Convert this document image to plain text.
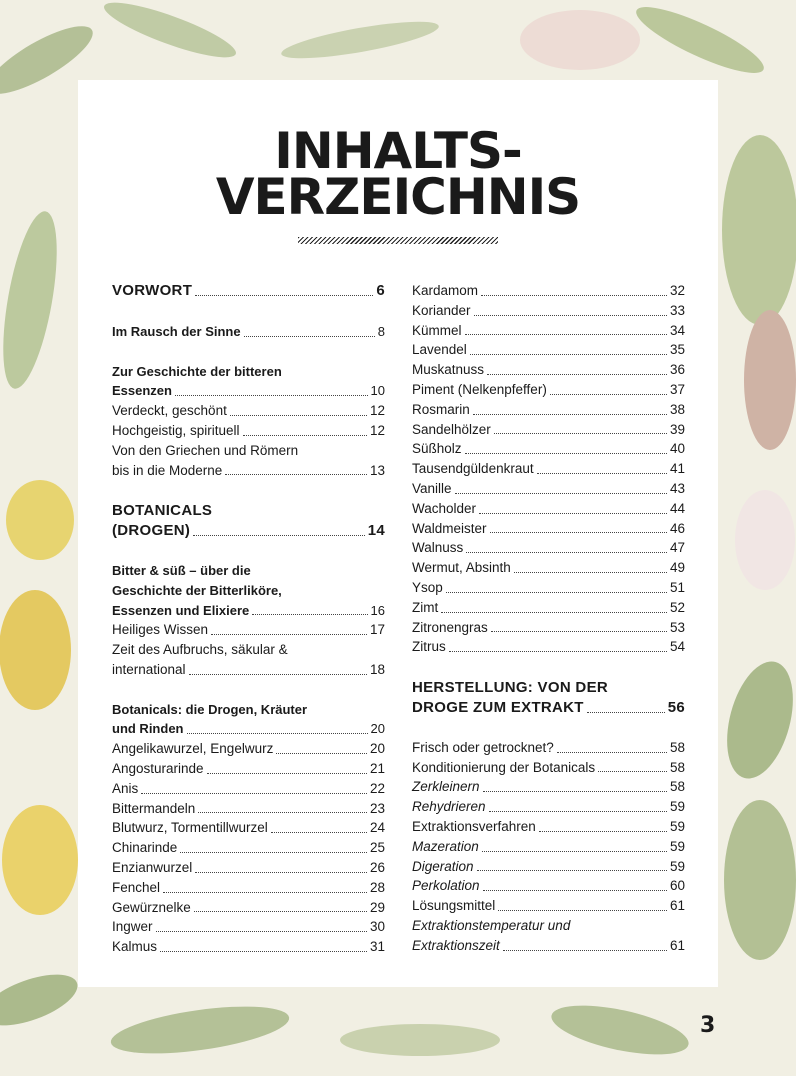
INHALTS-
VERZEICHNIS
VORWORT	6
Im Rausch der Sinne	8
Zur Geschichte der bitteren
Essenzen	10
Verdeckt, geschönt	12
Hochgeistig, spirituell	12
Von den Griechen und Römern
bis in die Moderne	13
BOTANICALS
(DROGEN)	14
Bitter & süß – über die
Geschichte der Bitterliköre,
Essenzen und Elixiere	16
Heiliges Wissen	17
Zeit des Aufbruchs, säkular &
international	18
Botanicals: die Drogen, Kräuter
und Rinden	20
Angelikawurzel, Engelwurz	20
Angosturarinde	21
Anis	22
Bittermandeln	23
Blutwurz, Tormentillwurzel	24
Chinarinde	25
Enzianwurzel	26
Fenchel	28
Gewürznelke	29
Ingwer	30
Kalmus	31
Kardamom	32
Koriander	33
Kümmel	34
Lavendel	35
Muskatnuss	36
Piment (Nelkenpfeffer)	37
Rosmarin	38
Sandelhölzer	39
Süßholz	40
Tausendgüldenkraut	41
Vanille	43
Wacholder	44
Waldmeister	46
Walnuss	47
Wermut, Absinth	49
Ysop	51
Zimt	52
Zitronengras	53
Zitrus	54
HERSTELLUNG: VON DER
DROGE ZUM EXTRAKT	56
Frisch oder getrocknet?	58
Konditionierung der Botanicals	58
Zerkleinern	58
Rehydrieren	59
Extraktionsverfahren	59
Mazeration	59
Digeration	59
Perkolation	60
Lösungsmittel	61
Extraktionstemperatur und
Extraktionszeit	61
3
